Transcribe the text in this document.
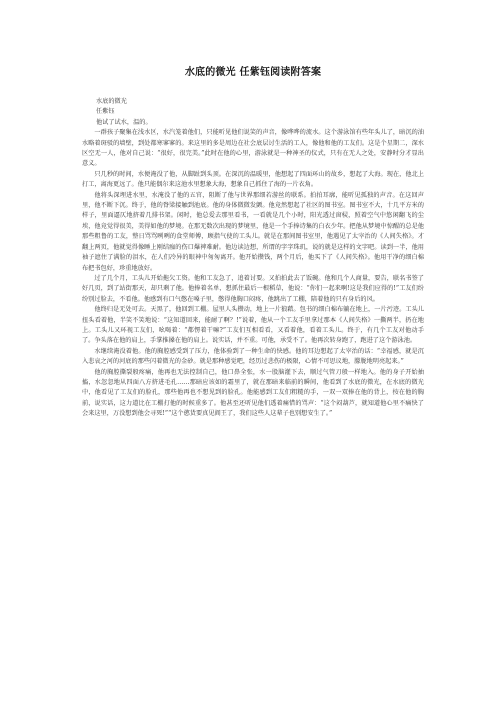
水底的微光 任紫钰阅读附答案

水底的微光

任紫钰

他试了试水，温的。

一群孩子聚集在浅水区，水汽笼着他们，只能听见他们说笑的声音，像哗哗的流水。这个游泳馆有些年头儿了，暗沉的油水略着斑驳的墙壁，到处都寒寥寥的。来这里的多是周边在社会底层讨生活的工人，像他和他的工友们。这是个星期二，深水区空无一人，他对自己说：“很好，很完美。”此时在他的心里，游泳就是一种神圣的仪式，只有在无人之处，安静时分才显出意义。

只几秒的时间，水便淹没了他，从脚趾到头顶。在深沉的温暖里，他想起了四面环山的故乡，想起了大海。现在，他北上打工，离海更远了。他只能偶尔来这池水里想象大海，想象自己抓住了海的一片衣角。

他将头深埋进水里，水淹没了他的五官，阻断了他与世界那细若游丝的联系。拍拍耳廓，能听见孤独的声音。在这回声里，他不断下沉。终于，他的脊梁接触到池底。他的身体微微发颤。他竟然想起了社区的图书室。图书室不大，十几平方米的样子，里面逼仄地挤着几排书架。闲时，他总爱去那里看书，一看就是几个小时，阳光透过窗棂，照着空气中悠闲翻飞的尘埃，他竟觉得很美，美得如他的梦境。在那无数次出现的梦境里，他是一个手捧诗集的白衣少年。把他从梦境中惊醒的总是他那些粗鲁的工友，整日骂骂咧咧的食堂师傅，顾指气使的工头儿。就是在那间图书室里，他遇见了太宰治的《人间失格》。才翻上两页，他就觉得像睡上刚结痂的伤口爆裨难耐。他边读边想，所谓的字字珠玑，说的就是这样的文字吧。读到一半，他用袖子遮住了满脸的泪水，在人们冷异的眼神中匆匆离开。他开始攒钱，两个月后，他买下了《人间失格》。他用干净的细白棉布把书包好，珍重地放好。

过了几个月，工头儿开始拖欠工资。他和工友急了，追着讨要。又拍拍此去了饭碗。他和几个人商量，要告，联名书签了好几页，到了站街那天，却只剩了他。他捧着名单，想抓住最后一根稻草，他说：“你们一起来啊!这是我们应得的!”工友们纷纷别过脸去，不看他。他感到有口气憋在嗓子里，憋得他胸口闷疼，他跳出了工棚，陪着他的只有身后的风。

他终归是无处可去。天黑了，他回到工棚。屋里人头攒动，地上一片狼藉。包书的细白棉布躺在地上，一片污迹。工头儿扭头看着他，半笑不笑地说：“这知道回来，能耐了啊？!”说着，他从一个工友手里拿过那本《人间失格》一撕两半，扔在地上。工头儿又环视工友们，吆喝着：“都愣着干嘛?”工友们互相看看，又看着他，看着工头儿。终于，有几个工友对他动手了。争头落在他的肩上，手掌推搡在他的肩上。说实话，并不重。可他，承受不了。他再次转身跑了，跑进了这个游泳池。

水继续淹没着他。他的胸腔感受到了压力，他体验到了一种生命的快感。他的耳边想起了太宰治的话：“幸福感，就是沉入悲哀之河的河底的那些闪着微光的金砂。就是那种感觉吧，经历过悲伤的极限，心情不可思议地，朦胧地明亮起来。”

他的胸腔撕裂般疼痛，他再也无法控制自己，他口鼻全张，水一股脑灌下去，顺过气管刀般一样地入。他的身子开始抽搐，水忽忽地从四面八方挤进毛孔……那暗应该如的霜里了，就在那暗来临前的瞬间，他看到了水底的微光，在水底的微光中，他看见了工友们的脸孔，那些他再也不想见到的脸孔。他能感到工友们粗糙的手，一双一双捧在他的背上，按在他的胸前，说实话，这力道比在工棚打他的时候重多了。他甚至还听见他们透着痛惜的骂声：“这个闷葫芦，就知道他心里不痛快了会来这里，万没想到他会寻死!”“这个憨货要真见阎王了，我们这些人这辈子也别想安生了。”
